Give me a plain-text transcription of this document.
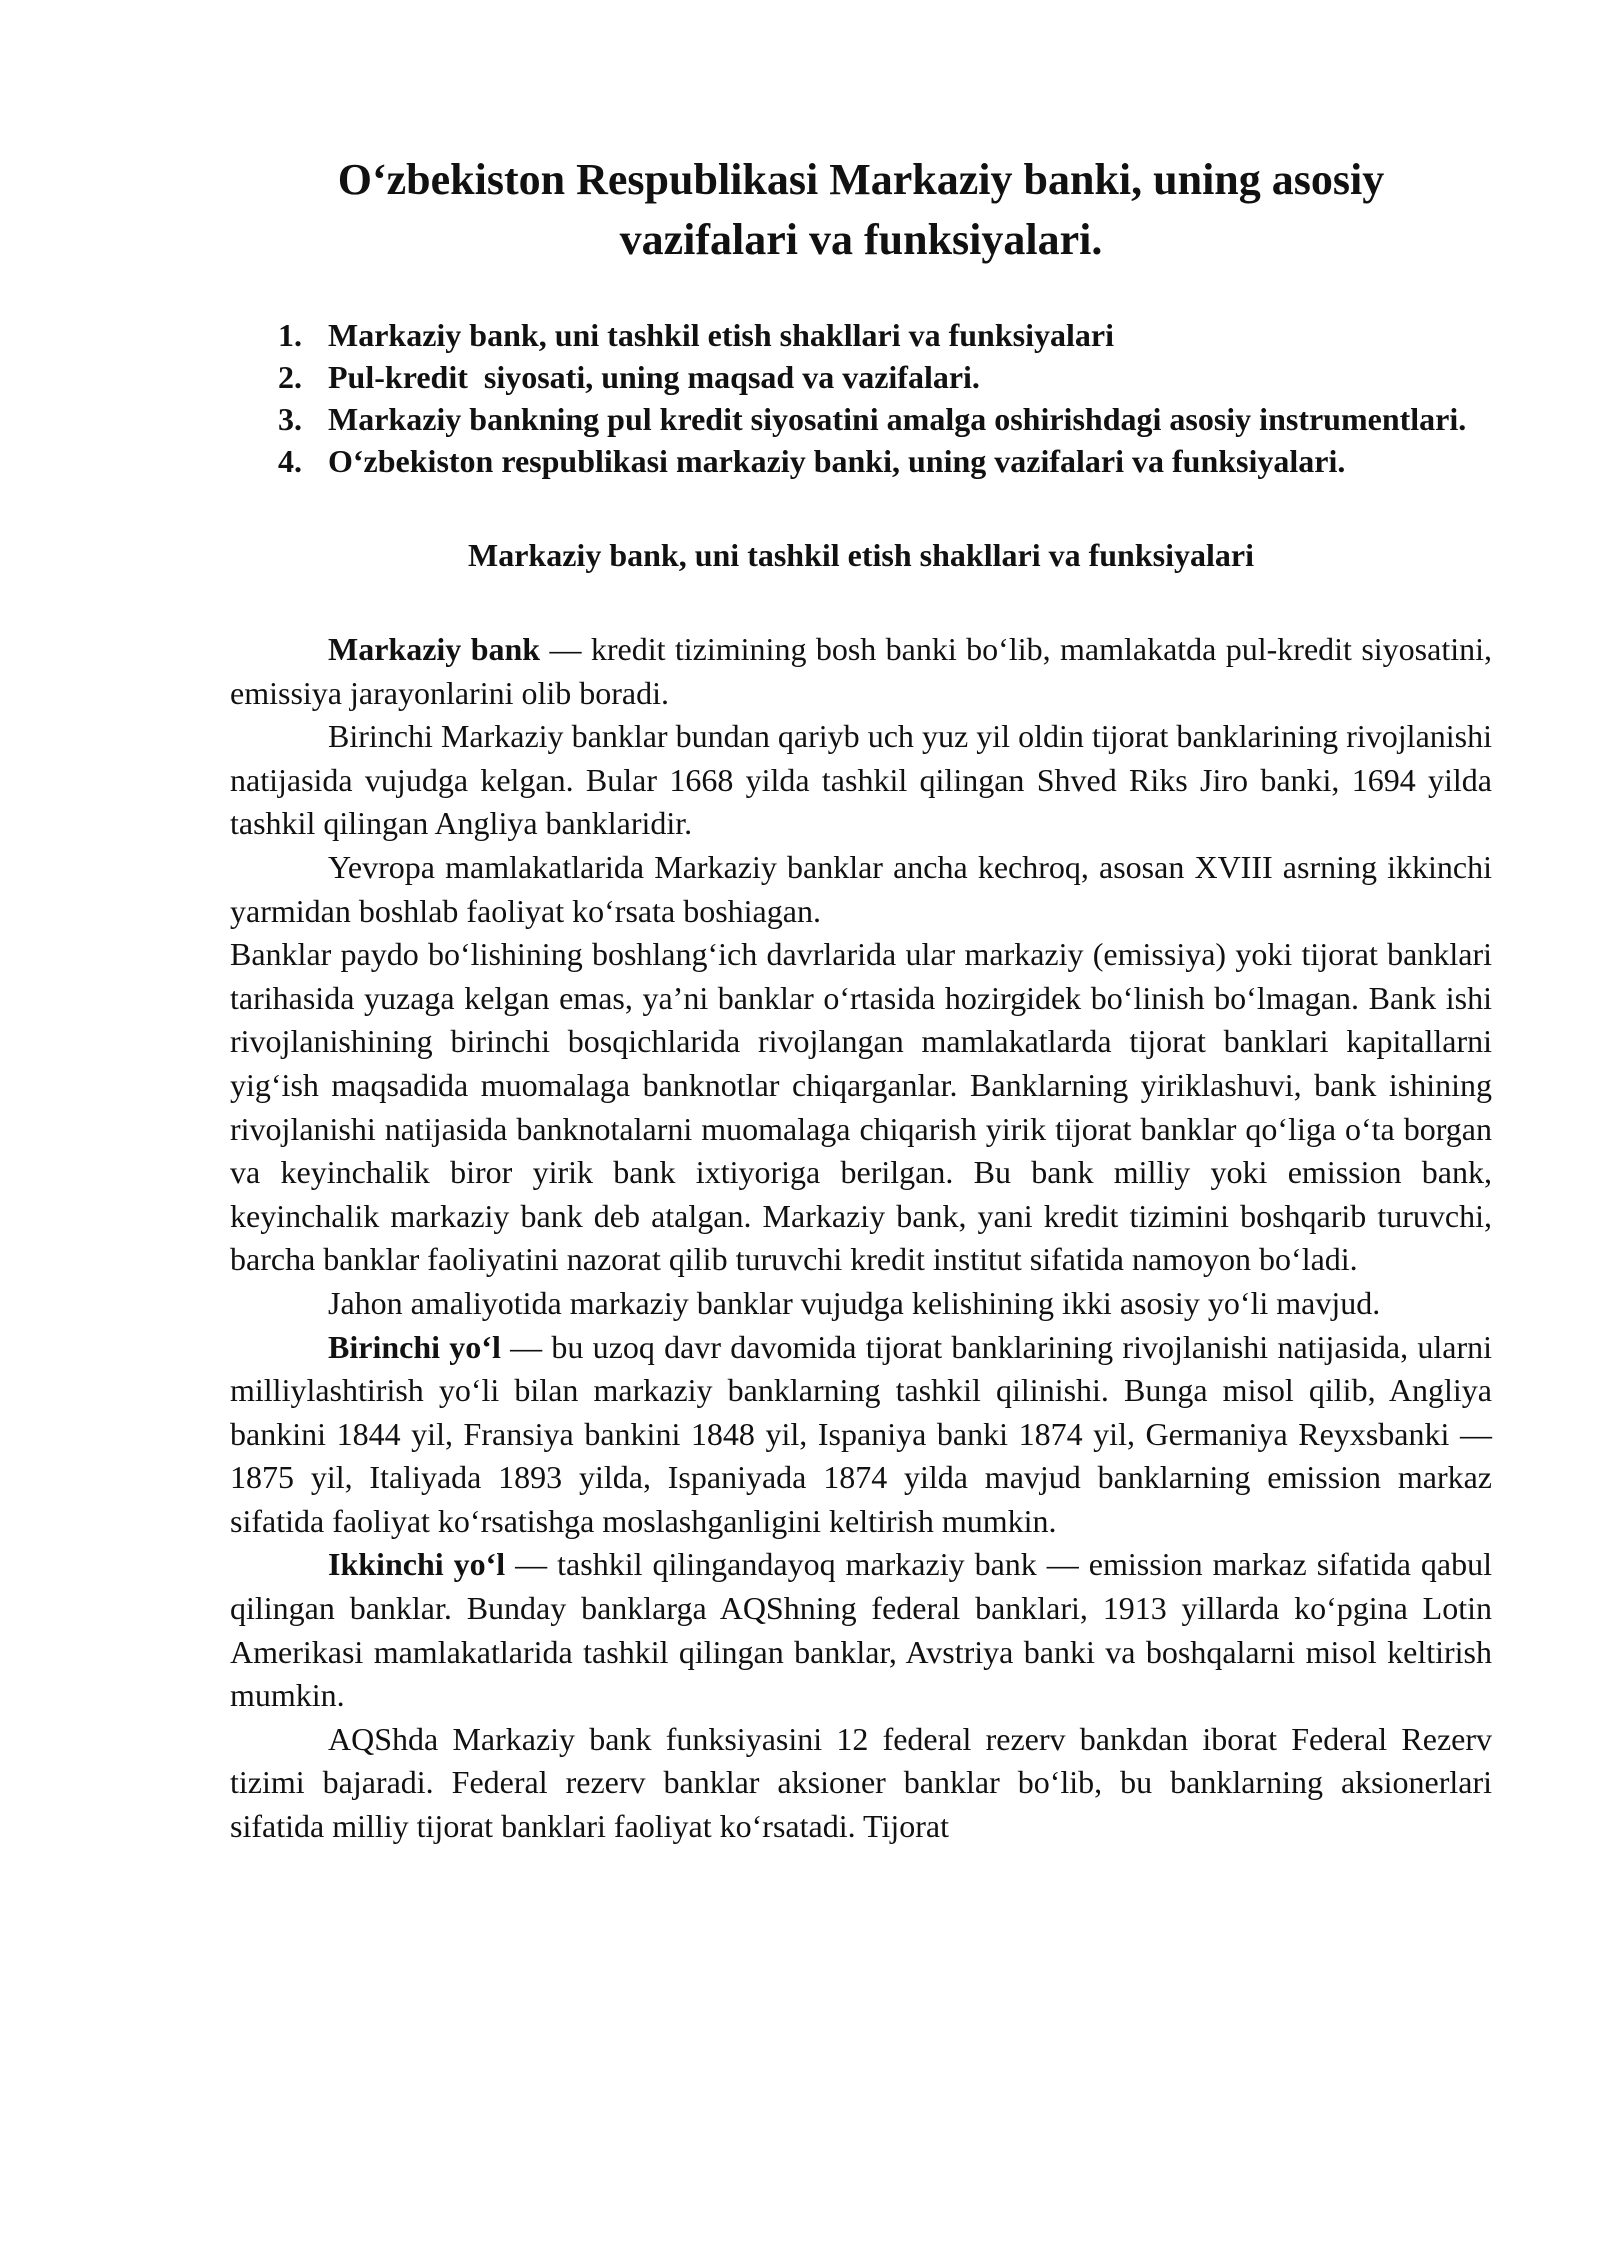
O‘zbekiston Respublikasi Markaziy banki, uning asosiy vazifalari va funksiyalari.
1. Markaziy bank, uni tashkil etish shakllari va funksiyalari
2. Pul-kredit  siyosati, uning maqsad va vazifalari.
3. Markaziy bankning pul kredit siyosatini amalga oshirishdagi asosiy instrumentlari.
4. O‘zbekiston respublikasi markaziy banki, uning vazifalari va funksiyalari.
Markaziy bank, uni tashkil etish shakllari va funksiyalari

Markaziy bank — kredit tizimining bosh banki bo‘lib, mamlakatda pul-kredit siyosatini, emissiya jarayonlarini olib boradi.

Birinchi Markaziy banklar bundan qariyb uch yuz yil oldin tijorat banklarining rivojlanishi natijasida vujudga kelgan. Bular 1668 yilda tashkil qilingan Shved Riks Jiro banki, 1694 yilda tashkil qilingan Angliya banklaridir.

Yevropa mamlakatlarida Markaziy banklar ancha kechroq, asosan XVIII asrning ikkinchi yarmidan boshlab faoliyat ko‘rsata boshiagan.

Banklar paydo bo‘lishining boshlang‘ich davrlarida ular markaziy (emissiya) yoki tijorat banklari tarihasida yuzaga kelgan emas, ya’ni banklar o‘rtasida hozirgidek bo‘linish bo‘lmagan. Bank ishi rivojlanishining birinchi bosqichlarida rivojlangan mamlakatlarda tijorat banklari kapitallarni yig‘ish maqsadida muomalaga banknotlar chiqarganlar. Banklarning yiriklashuvi, bank ishining rivojlanishi natijasida banknotalarni muomalaga chiqarish yirik tijorat banklar qo‘liga o‘ta borgan va keyinchalik biror yirik bank ixtiyoriga berilgan. Bu bank milliy yoki emission bank, keyinchalik markaziy bank deb atalgan. Markaziy bank, yani kredit tizimini boshqarib turuvchi, barcha banklar faoliyatini nazorat qilib turuvchi kredit institut sifatida namoyon bo‘ladi.

Jahon amaliyotida markaziy banklar vujudga kelishining ikki asosiy yo‘li mavjud.

Birinchi yo‘l — bu uzoq davr davomida tijorat banklarining rivojlanishi natijasida, ularni milliylashtirish yo‘li bilan markaziy banklarning tashkil qilinishi. Bunga misol qilib, Angliya bankini 1844 yil, Fransiya bankini 1848 yil, Ispaniya banki 1874 yil, Germaniya Reyxsbanki — 1875 yil, Italiyada 1893 yilda, Ispaniyada 1874 yilda mavjud banklarning emission markaz sifatida faoliyat ko‘rsatishga moslashganligini keltirish mumkin.

Ikkinchi yo‘l — tashkil qilingandayoq markaziy bank — emission markaz sifatida qabul qilingan banklar. Bunday banklarga AQShning federal banklari, 1913 yillarda ko‘pgina Lotin Amerikasi mamlakatlarida tashkil qilingan banklar, Avstriya banki va boshqalarni misol keltirish mumkin.

AQShda Markaziy bank funksiyasini 12 federal rezerv bankdan iborat Federal Rezerv tizimi bajaradi. Federal rezerv banklar aksioner banklar bo‘lib, bu banklarning aksionerlari sifatida milliy tijorat banklari faoliyat ko‘rsatadi. Tijorat
